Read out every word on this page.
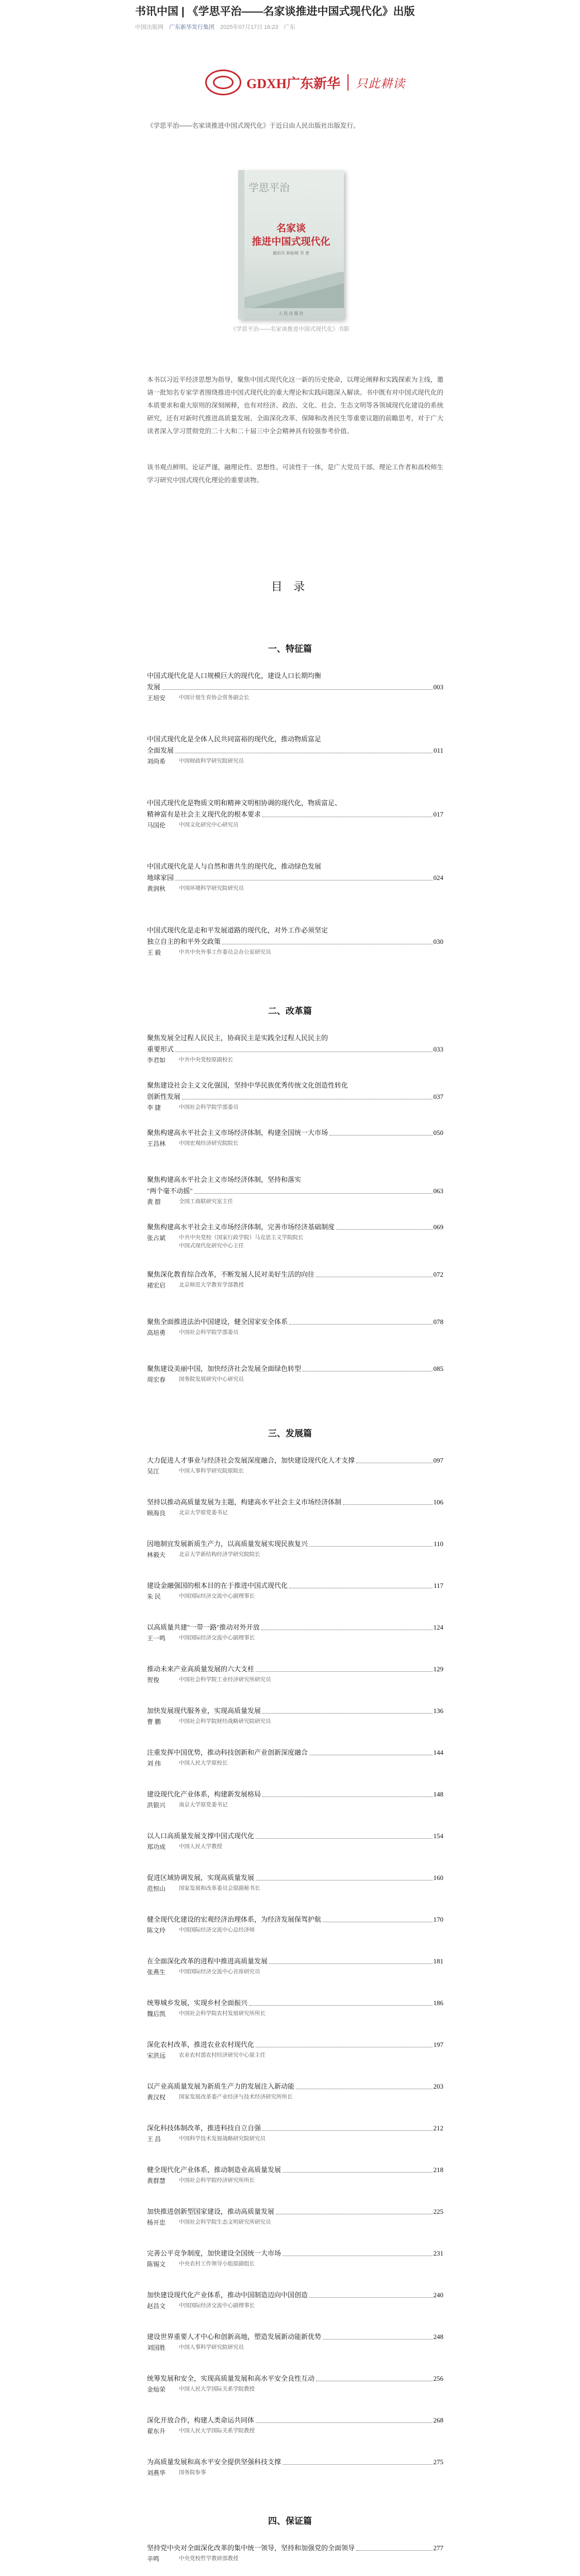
书讯中国 | 《学思平治——名家谈推进中国式现代化》出版
中国出版网 广东新华发行集团 2025年07月17日 16:23 广东
GDXH广东新华 只此耕读
《学思平治——名家谈推进中国式现代化》于近日由人民出版社出版发行。
学思平治
名家谈
推进中国式现代化
戴焰军 韩振峰 等 著
人 民 出 版 社
《学思平治——名家谈推进中国式现代化》书影
本书以习近平经济思想为指导，聚焦中国式现代化这一新的历史使命，以理论阐释和实践探索为主线，邀请一批知名专家学者围绕推进中国式现代化的重大理论和实践问题深入解读。书中既有对中国式现代化的本质要求和重大原则的深刻阐释，也有对经济、政治、文化、社会、生态文明等各领域现代化建设的系统研究，还有对新时代推进高质量发展、全面深化改革、保障和改善民生等重要议题的前瞻思考，对于广大读者深入学习贯彻党的二十大和二十届三中全会精神具有较强参考价值。
该书观点鲜明、论证严谨，融理论性、思想性、可读性于一体，是广大党员干部、理论工作者和高校师生学习研究中国式现代化理论的重要读物。
目 录
一、特征篇
中国式现代化是人口规模巨大的现代化，建设人口长期均衡
发展	003
王培安	中国计划生育协会常务副会长
中国式现代化是全体人民共同富裕的现代化，推动物质富足
全面发展	011
刘尚希	中国财政科学研究院研究员
中国式现代化是物质文明和精神文明相协调的现代化，物质富足、
精神富有是社会主义现代化的根本要求	017
马国伦	中国文化研究中心研究员
中国式现代化是人与自然和谐共生的现代化，推动绿色发展
地球家园	024
黄润秋	中国环境科学研究院研究员
中国式现代化是走和平发展道路的现代化，对外工作必须坚定
独立自主的和平外交政策	030
王 毅	中共中央外事工作委员会办公室研究员
二、改革篇
聚焦发展全过程人民民主，协商民主是实践全过程人民民主的
重要形式	033
李君如	中共中央党校原副校长
聚焦建设社会主义文化强国，坚持中华民族优秀传统文化创造性转化
创新性发展	037
李 捷	中国社会科学院学部委员
聚焦构建高水平社会主义市场经济体制，构建全国统一大市场	050
王昌林	中国宏观经济研究院院长
聚焦构建高水平社会主义市场经济体制，坚持和落实
"两个毫不动摇"	063
黄 群	全国工商联研究室主任
聚焦构建高水平社会主义市场经济体制，完善市场经济基础制度	069
张占斌	中共中央党校（国家行政学院）马克思主义学院院长
中国式现代化研究中心主任
聚焦深化教育综合改革，不断发展人民对美好生活的向往	072
褚宏启	北京师范大学教育学部教授
聚焦全面推进法治中国建设，健全国家安全体系	078
高培勇	中国社会科学院学部委员
聚焦建设美丽中国，加快经济社会发展全面绿色转型	085
周宏春	国务院发展研究中心研究员
三、发展篇
大力促进人才事业与经济社会发展深度融合，加快建设现代化人才支撑	097
吴江	中国人事科学研究院原院长
坚持以推动高质量发展为主题，构建高水平社会主义市场经济体制	106
顾海良	北京大学原党委书记
因地制宜发展新质生产力，以高质量发展实现民族复兴	110
林毅夫	北京大学新结构经济学研究院院长
建设金融强国的根本目的在于推进中国式现代化	117
朱 民	中国国际经济交流中心副理事长
以高质量共建"一带一路"推动对外开放	124
王一鸣	中国国际经济交流中心副理事长
推动未来产业高质量发展的六大支柱	129
贺俊	中国社会科学院工业经济研究所研究员
加快发展现代服务业，实现高质量发展	136
曹 鹏	中国社会科学院财经战略研究院研究员
注重发挥中国优势，推动科技创新和产业创新深度融合	144
刘 伟	中国人民大学原校长
建设现代化产业体系，构建新发展格局	148
洪银兴	南京大学原党委书记
以人口高质量发展支撑中国式现代化	154
郑功成	中国人民大学教授
促进区域协调发展，实现高质量发展	160
范恒山	国家发展和改革委员会原副秘书长
健全现代化建设的宏观经济治理体系，为经济发展保驾护航	170
陈文玲	中国国际经济交流中心总经济师
在全面深化改革的进程中推进高质量发展	181
张燕生	中国国际经济交流中心首席研究员
统筹城乡发展，实现乡村全面振兴	186
魏后凯	中国社会科学院农村发展研究所所长
深化农村改革，推进农业农村现代化	197
宋洪远	农业农村部农村经济研究中心原主任
以产业高质量发展为新质生产力的发展注入新动能	203
黄汉权	国家发展改革委产业经济与技术经济研究所所长
深化科技体制改革，推进科技自立自强	212
王 昌	中国科学技术发展战略研究院研究员
健全现代化产业体系，推动制造业高质量发展	218
黄群慧	中国社会科学院经济研究所所长
加快推进创新型国家建设，推动高质量发展	225
杨开忠	中国社会科学院生态文明研究所研究员
完善公平竞争制度，加快建设全国统一大市场	231
陈锡文	中央农村工作领导小组原副组长
加快建设现代化产业体系，推动中国制造迈向中国创造	240
赵昌文	中国国际经济交流中心副理事长
建设世界重要人才中心和创新高地，塑造发展新动能新优势	248
刘国胜	中国人事科学研究院研究员
统筹发展和安全，实现高质量发展和高水平安全良性互动	256
金灿荣	中国人民大学国际关系学院教授
深化开放合作，构建人类命运共同体	268
翟东升	中国人民大学国际关系学院教授
为高质量发展和高水平安全提供坚强科技支撑	275
刘燕华	国务院参事
四、保证篇
坚持党中央对全面深化改革的集中统一领导，坚持和加强党的全面领导	277
辛鸣	中央党校哲学教研部教授
